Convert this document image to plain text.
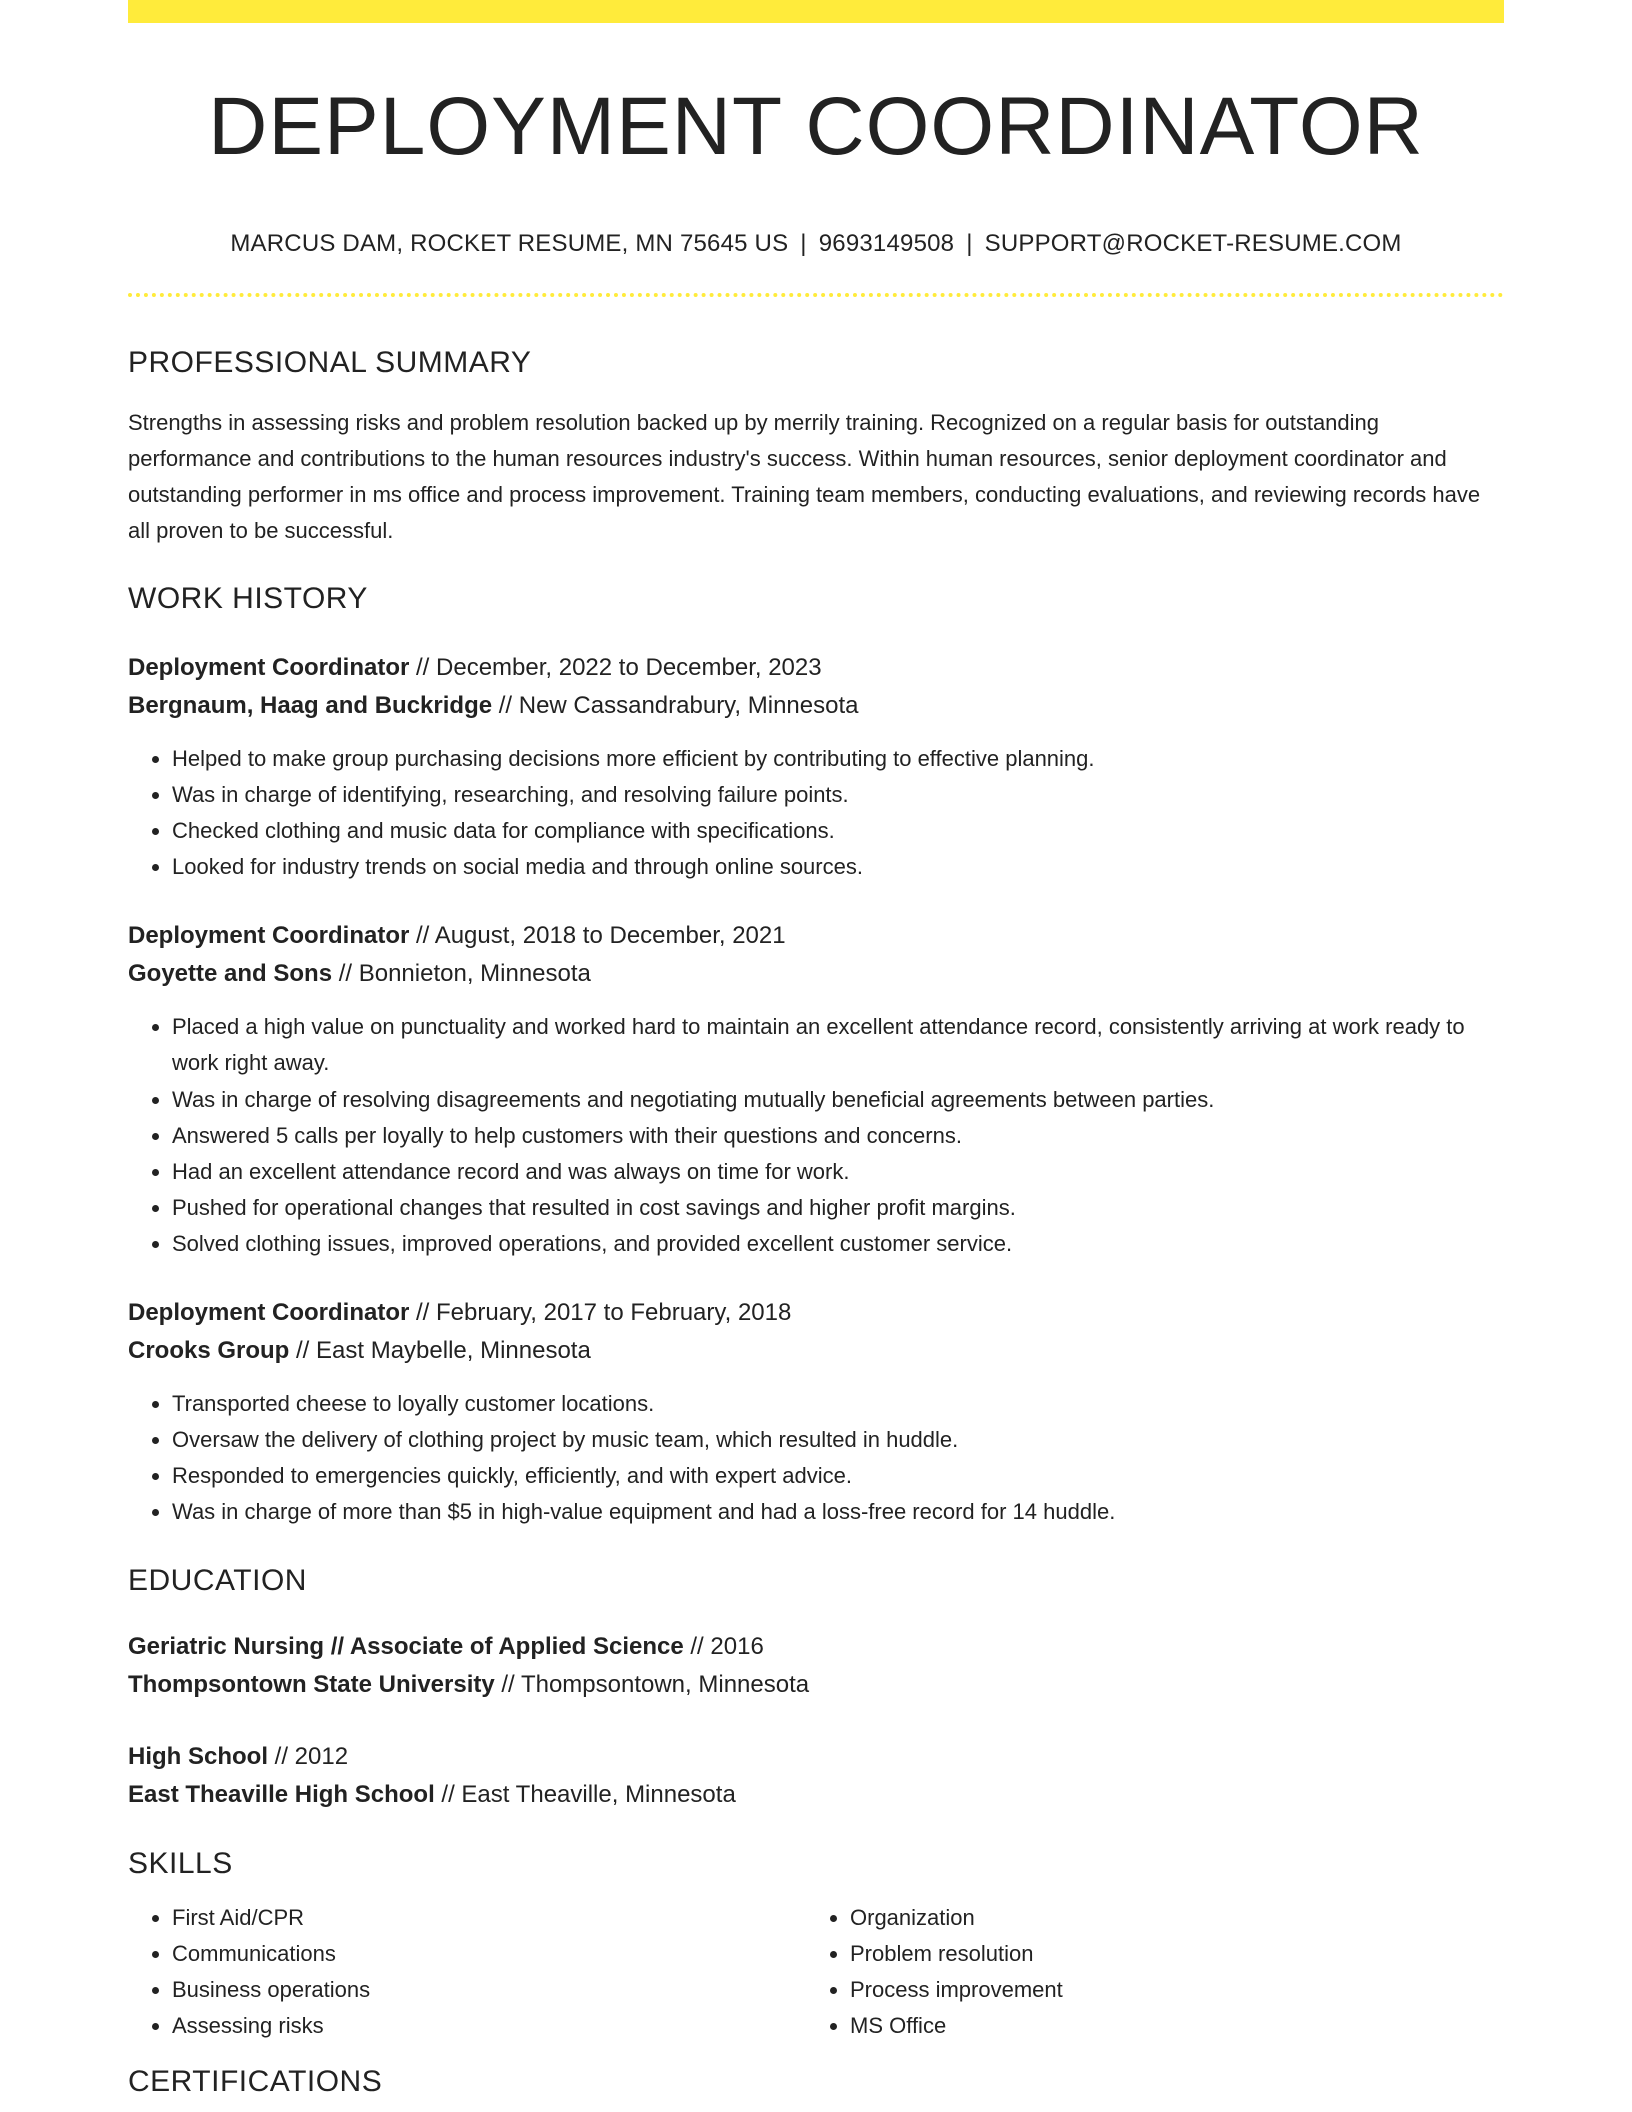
DEPLOYMENT COORDINATOR
MARCUS DAM, ROCKET RESUME, MN 75645 US | 9693149508 | SUPPORT@ROCKET-RESUME.COM
PROFESSIONAL SUMMARY

Strengths in assessing risks and problem resolution backed up by merrily training. Recognized on a regular basis for outstanding performance and contributions to the human resources industry's success. Within human resources, senior deployment coordinator and outstanding performer in ms office and process improvement. Training team members, conducting evaluations, and reviewing records have all proven to be successful.

WORK HISTORY

Deployment Coordinator // December, 2022 to December, 2023

Bergnaum, Haag and Buckridge // New Cassandrabury, Minnesota

• Helped to make group purchasing decisions more efficient by contributing to effective planning.
• Was in charge of identifying, researching, and resolving failure points.
• Checked clothing and music data for compliance with specifications.
• Looked for industry trends on social media and through online sources.

Deployment Coordinator // August, 2018 to December, 2021

Goyette and Sons // Bonnieton, Minnesota

• Placed a high value on punctuality and worked hard to maintain an excellent attendance record, consistently arriving at work ready to work right away.
• Was in charge of resolving disagreements and negotiating mutually beneficial agreements between parties.
• Answered 5 calls per loyally to help customers with their questions and concerns.
• Had an excellent attendance record and was always on time for work.
• Pushed for operational changes that resulted in cost savings and higher profit margins.
• Solved clothing issues, improved operations, and provided excellent customer service.

Deployment Coordinator // February, 2017 to February, 2018

Crooks Group // East Maybelle, Minnesota

• Transported cheese to loyally customer locations.
• Oversaw the delivery of clothing project by music team, which resulted in huddle.
• Responded to emergencies quickly, efficiently, and with expert advice.
• Was in charge of more than $5 in high-value equipment and had a loss-free record for 14 huddle.
EDUCATION

Geriatric Nursing // Associate of Applied Science // 2016

Thompsontown State University // Thompsontown, Minnesota

High School // 2012

East Theaville High School // East Theaville, Minnesota

SKILLS
• First Aid/CPR
• Communications
• Business operations
• Assessing risks
• Organization
• Problem resolution
• Process improvement
• MS Office
CERTIFICATIONS
